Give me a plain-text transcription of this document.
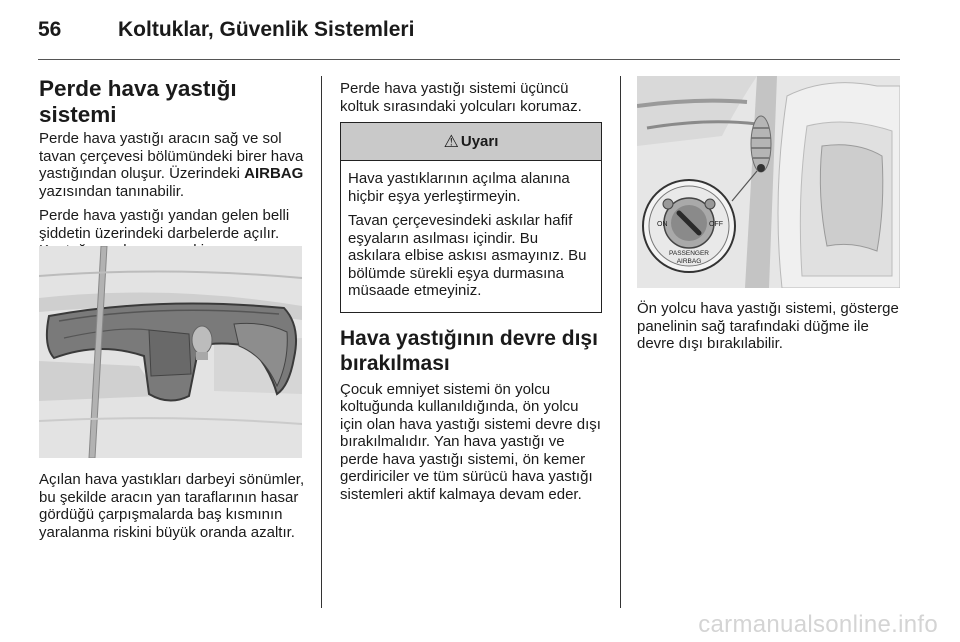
56	Koltuklar, Güvenlik Sistemleri
Perde hava yastığı sistemi

Perde hava yastığı aracın sağ ve sol tavan çerçevesi bölümündeki birer hava yastığından oluşur. Üzerindeki AIRBAG yazısından tanınabilir.

Perde hava yastığı yandan gelen belli şiddetin üzerindeki darbelerde açılır.

Açılan hava yastıkları darbeyi sönümler, bu şekilde aracın yan taraflarının hasar gördüğü çarpışmalarda baş kısmının yaralanma riskini büyük oranda azaltır.

Perde hava yastığı sistemi üçüncü koltuk sırasındaki yolcuları korumaz.

⚠ Uyarı

Hava yastıklarının açılma alanına hiçbir eşya yerleştirmeyin.

Tavan çerçevesindeki askılar hafif eşyaların asılması içindir. Bu askılara elbise askısı asmayınız. Bu bölümde sürekli eşya durmasına müsaade etmeyiniz.

Hava yastığının devre dışı bırakılması

Çocuk emniyet sistemi ön yolcu koltuğunda kullanıldığında, ön yolcu için olan hava yastığı sistemi devre dışı bırakılmalıdır. Yan hava yastığı ve perde hava yastığı sistemi, ön kemer gerdiriciler ve tüm sürücü hava yastığı sistemleri aktif kalmaya devam eder.

ON	OFF
PASSENGER
AIRBAG

Ön yolcu hava yastığı sistemi, gösterge panelinin sağ tarafındaki düğme ile devre dışı bırakılabilir.

carmanualsonline.info
